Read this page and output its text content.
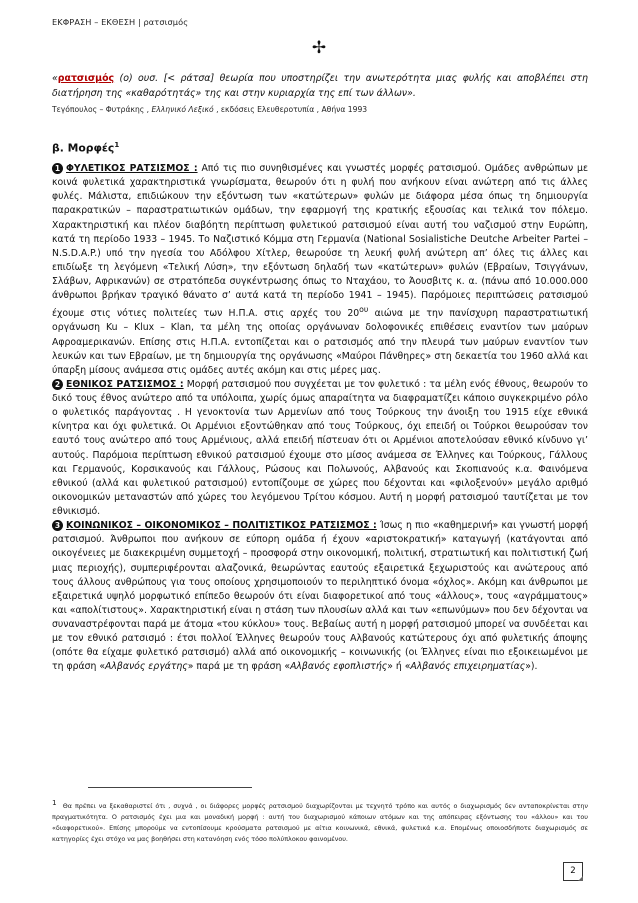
ΕΚΦΡΑΣΗ – ΕΚΘΕΣΗ | ρατσισμός
✢
«ρατσισμός (ο) ουσ. [< ράτσα] θεωρία που υποστηρίζει την ανωτερότητα μιας φυλής και αποβλέπει στη διατήρηση της «καθαρότητάς» της και στην κυριαρχία της επί των άλλων».
Τεγόπουλος – Φυτράκης , Ελληνικό Λεξικό , εκδόσεις Ελευθεροτυπία , Αθήνα 1993
β. Μορφές$^1$

1 ΦΥΛΕΤΙΚΟΣ ΡΑΤΣΙΣΜΟΣ : Από τις πιο συνηθισμένες και γνωστές μορφές ρατσισμού. Ομάδες ανθρώπων με κοινά φυλετικά χαρακτηριστικά γνωρίσματα, θεωρούν ότι η φυλή που ανήκουν είναι ανώτερη από τις άλλες φυλές. Μάλιστα, επιδιώκουν την εξόντωση των «κατώτερων» φυλών με διάφορα μέσα όπως τη δημιουργία παρακρατικών – παραστρατιωτικών ομάδων, την εφαρμογή της κρατικής εξουσίας και τελικά τον πόλεμο. Χαρακτηριστική και πλέον διαβόητη περίπτωση φυλετικού ρατσισμού είναι αυτή του ναζισμού στην Ευρώπη, κατά τη περίοδο 1933 – 1945. Το Ναζιστικό Κόμμα στη Γερμανία (National Sosialistiche Deutche Arbeiter Partei – N.S.D.A.P.) υπό την ηγεσία του Αδόλφου Χίτλερ, θεωρούσε τη λευκή φυλή ανώτερη απ’ όλες τις άλλες και επιδίωξε τη λεγόμενη «Τελική Λύση», την εξόντωση δηλαδή των «κατώτερων» φυλών (Εβραίων, Τσιγγάνων, Σλάβων, Αφρικανών) σε στρατόπεδα συγκέντρωσης όπως το Νταχάου, το Άουσβιτς κ. α. (πάνω από 10.000.000 άνθρωποι βρήκαν τραγικό θάνατο σ’ αυτά κατά τη περίοδο 1941 – 1945). Παρόμοιες περιπτώσεις ρατσισμού έχουμε στις νότιες πολιτείες των Η.Π.Α. στις αρχές του $20^{o\upsilon}$ αιώνα με την πανίσχυρη παραστρατιωτική οργάνωση Ku – Klux – Klan, τα μέλη της οποίας οργάνωναν δολοφονικές επιθέσεις εναντίον των μαύρων Αφροαμερικανών. Επίσης στις Η.Π.Α. εντοπίζεται και ο ρατσισμός από την πλευρά των μαύρων εναντίον των λευκών και των Εβραίων, με τη δημιουργία της οργάνωσης «Μαύροι Πάνθηρες» στη δεκαετία του 1960 αλλά και ύπαρξη μίσους ανάμεσα στις ομάδες αυτές ακόμη και στις μέρες μας.

2 ΕΘΝΙΚΟΣ ΡΑΤΣΙΣΜΟΣ : Μορφή ρατσισμού που συγχέεται με τον φυλετικό : τα μέλη ενός έθνους, θεωρούν το δικό τους έθνος ανώτερο από τα υπόλοιπα, χωρίς όμως απαραίτητα να διαφραματίζει κάποιο συγκεκριμένο ρόλο ο φυλετικός παράγοντας . Η γενοκτονία των Αρμενίων από τους Τούρκους την άνοιξη του 1915 είχε εθνικά κίνητρα και όχι φυλετικά. Οι Αρμένιοι εξοντώθηκαν από τους Τούρκους, όχι επειδή οι Τούρκοι θεωρούσαν τον εαυτό τους ανώτερο από τους Αρμένιους, αλλά επειδή πίστευαν ότι οι Αρμένιοι αποτελούσαν εθνικό κίνδυνο γι’ αυτούς. Παρόμοια περίπτωση εθνικού ρατσισμού έχουμε στο μίσος ανάμεσα σε Έλληνες και Τούρκους, Γάλλους και Γερμανούς, Κορσικανούς και Γάλλους, Ρώσους και Πολωνούς, Αλβανούς και Σκοπιανούς κ.α. Φαινόμενα εθνικού (αλλά και φυλετικού ρατσισμού) εντοπίζουμε σε χώρες που δέχονται και «φιλοξενούν» μεγάλο αριθμό οικονομικών μεταναστών από χώρες του λεγόμενου Τρίτου κόσμου. Αυτή η μορφή ρατσισμού ταυτίζεται με τον εθνικισμό.

3 ΚΟΙΝΩΝΙΚΟΣ – ΟΙΚΟΝΟΜΙΚΟΣ – ΠΟΛΙΤΙΣΤΙΚΟΣ ΡΑΤΣΙΣΜΟΣ : Ίσως η πιο «καθημερινή» και γνωστή μορφή ρατσισμού. Άνθρωποι που ανήκουν σε εύπορη ομάδα ή έχουν «αριστοκρατική» καταγωγή (κατάγονται από οικογένειες με διακεκριμένη συμμετοχή – προσφορά στην οικονομική, πολιτική, στρατιωτική και πολιτιστική ζωή μιας περιοχής), συμπεριφέρονται αλαζονικά, θεωρώντας εαυτούς εξαιρετικά ξεχωριστούς και ανώτερους από τους άλλους ανθρώπους για τους οποίους χρησιμοποιούν το περιληπτικό όνομα «όχλος». Ακόμη και άνθρωποι με εξαιρετικά υψηλό μορφωτικό επίπεδο θεωρούν ότι είναι διαφορετικοί από τους «άλλους», τους «αγράμματους» και «απολίτιστους». Χαρακτηριστική είναι η στάση των πλουσίων αλλά και των «επωνύμων» που δεν δέχονται να συναναστρέφονται παρά με άτομα «του κύκλου» τους. Βεβαίως αυτή η μορφή ρατσισμού μπορεί να συνδέεται και με τον εθνικό ρατσισμό : έτσι πολλοί Έλληνες θεωρούν τους Αλβανούς κατώτερους όχι από φυλετικής άποψης (οπότε θα είχαμε φυλετικό ρατσισμό) αλλά από οικονομικής – κοινωνικής (οι Έλληνες είναι πιο εξοικειωμένοι με τη φράση «Αλβανός εργάτης» παρά με τη φράση «Αλβανός εφοπλιστής» ή «Αλβανός επιχειρηματίας»).

$^1$ Θα πρέπει να ξεκαθαριστεί ότι , συχνά , οι διάφορες μορφές ρατσισμού διαχωρίζονται με τεχνητό τρόπο και αυτός ο διαχωρισμός δεν ανταποκρίνεται στην πραγματικότητα. Ο ρατσισμός έχει μια και μοναδική μορφή : αυτή του διαχωρισμού κάποιων ατόμων και της απόπειρας εξόντωσης του «άλλου» και του «διαφορετικού». Επίσης μπορούμε να εντοπίσουμε κρούσματα ρατσισμού με αίτια κοινωνικά, εθνικά, φυλετικά κ.α. Επομένως οποιοσδήποτε διαχωρισμός σε κατηγορίες έχει στόχο να μας βοηθήσει στη κατανόηση ενός τόσο πολύπλοκου φαινομένου.
2
